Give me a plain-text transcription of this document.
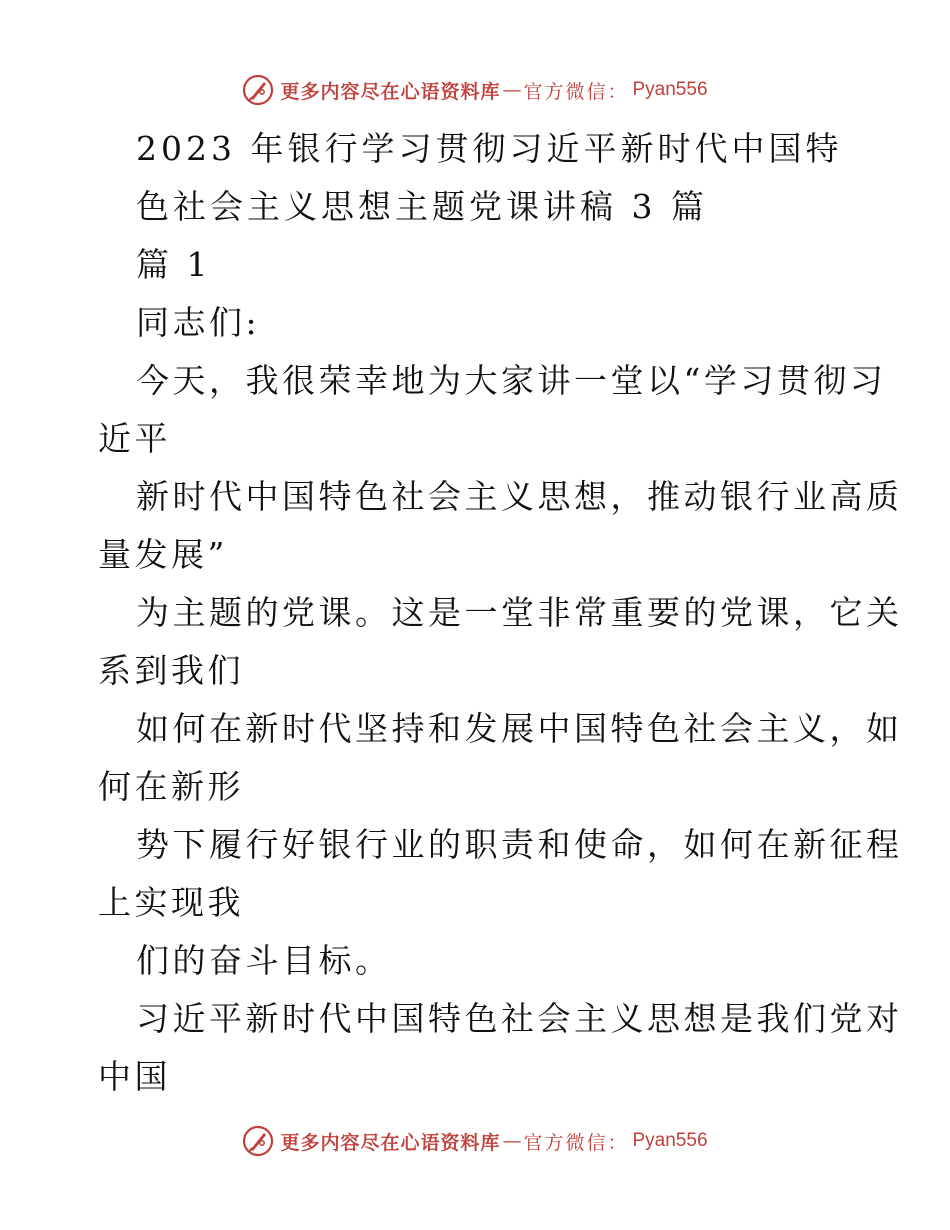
更多内容尽在心语资料库 — 官方微信： Pyan556
2023 年银行学习贯彻习近平新时代中国特
色社会主义思想主题党课讲稿 3 篇
篇 1
同志们:
今天，我很荣幸地为大家讲一堂以“学习贯彻习
近平
新时代中国特色社会主义思想，推动银行业高质
量发展”
为主题的党课。这是一堂非常重要的党课，它关
系到我们
如何在新时代坚持和发展中国特色社会主义，如
何在新形
势下履行好银行业的职责和使命，如何在新征程
上实现我
们的奋斗目标。
习近平新时代中国特色社会主义思想是我们党对
中国
更多内容尽在心语资料库 — 官方微信： Pyan556
